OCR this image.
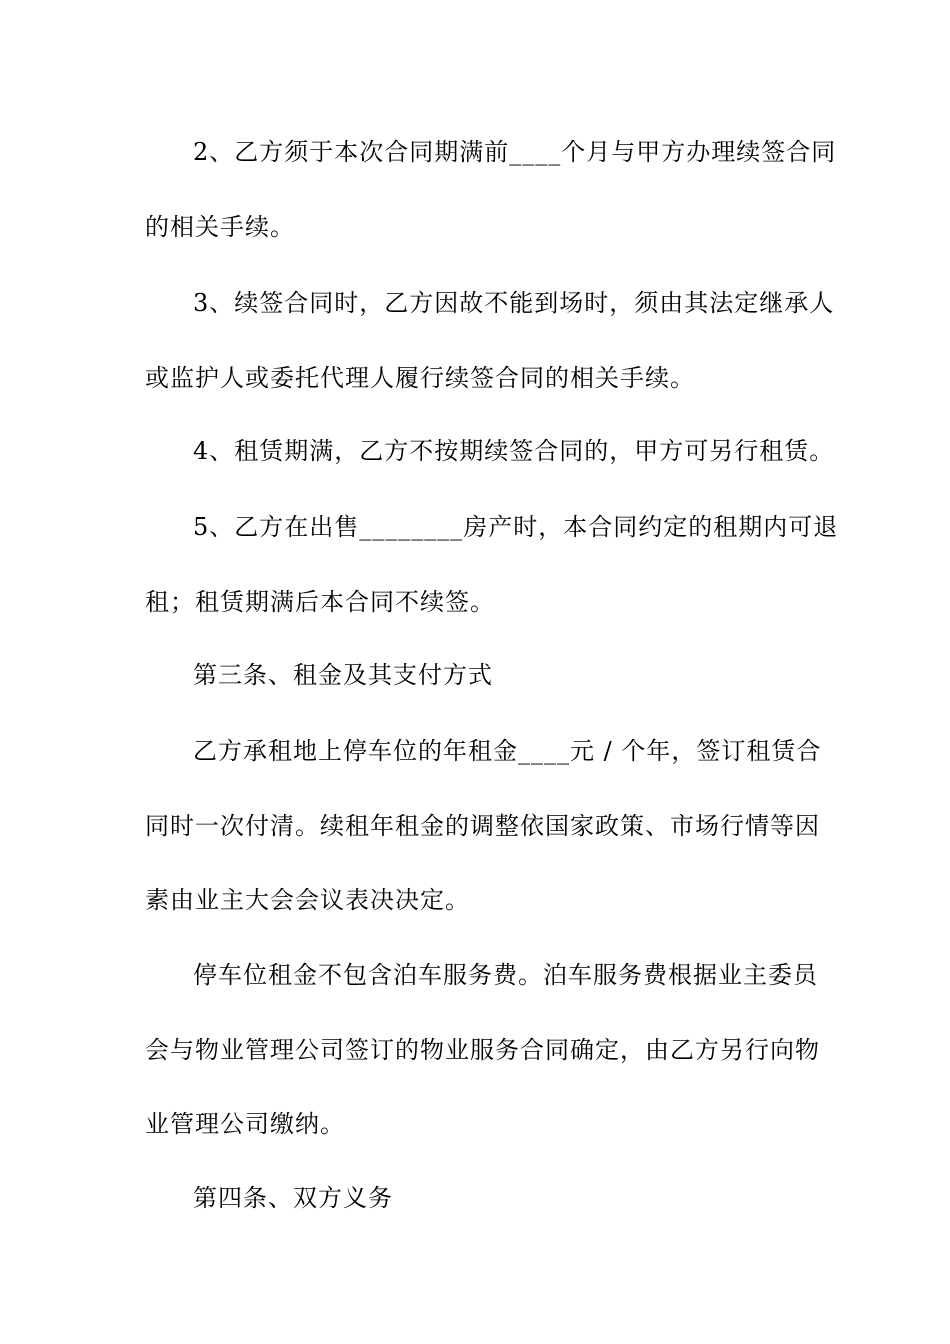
2、乙方须于本次合同期满前____个月与甲方办理续签合同
的相关手续。
3、续签合同时，乙方因故不能到场时，须由其法定继承人
或监护人或委托代理人履行续签合同的相关手续。
4、租赁期满，乙方不按期续签合同的，甲方可另行租赁。
5、乙方在出售________房产时，本合同约定的租期内可退
租；租赁期满后本合同不续签。
第三条、租金及其支付方式
乙方承租地上停车位的年租金____元 / 个年，签订租赁合
同时一次付清。续租年租金的调整依国家政策、市场行情等因
素由业主大会会议表决决定。
停车位租金不包含泊车服务费。泊车服务费根据业主委员
会与物业管理公司签订的物业服务合同确定，由乙方另行向物
业管理公司缴纳。
第四条、双方义务
